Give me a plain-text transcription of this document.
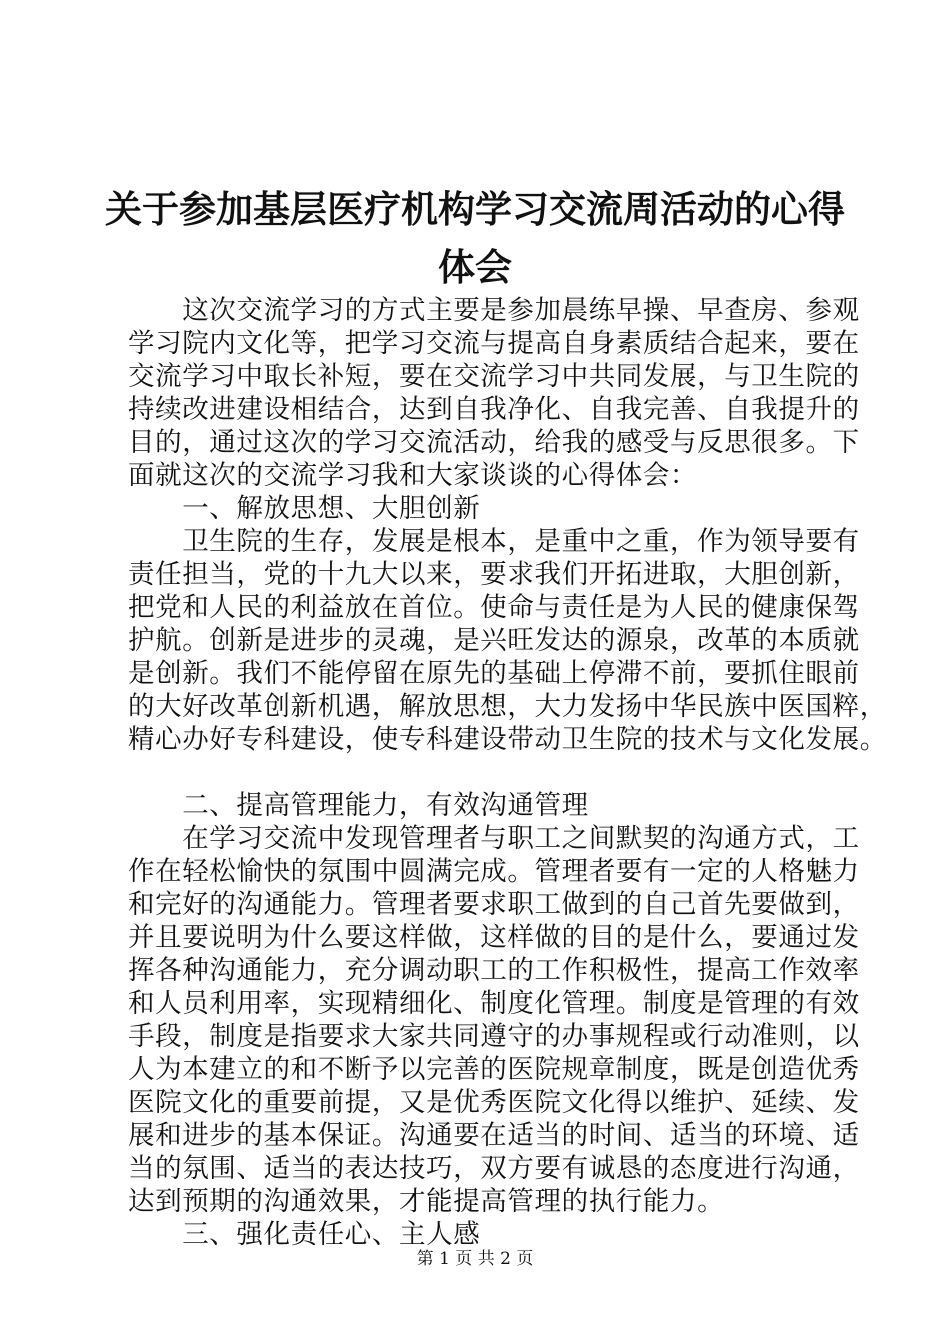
关于参加基层医疗机构学习交流周活动的心得
体会
　　这次交流学习的方式主要是参加晨练早操、早查房、参观
学习院内文化等，把学习交流与提高自身素质结合起来，要在
交流学习中取长补短，要在交流学习中共同发展，与卫生院的
持续改进建设相结合，达到自我净化、自我完善、自我提升的
目的，通过这次的学习交流活动，给我的感受与反思很多。下
面就这次的交流学习我和大家谈谈的心得体会：
　　一、解放思想、大胆创新
　　卫生院的生存，发展是根本，是重中之重，作为领导要有
责任担当，党的十九大以来，要求我们开拓进取，大胆创新，
把党和人民的利益放在首位。使命与责任是为人民的健康保驾
护航。创新是进步的灵魂，是兴旺发达的源泉，改革的本质就
是创新。我们不能停留在原先的基础上停滞不前，要抓住眼前
的大好改革创新机遇，解放思想，大力发扬中华民族中医国粹，
精心办好专科建设，使专科建设带动卫生院的技术与文化发展。
　　二、提高管理能力，有效沟通管理
　　在学习交流中发现管理者与职工之间默契的沟通方式，工
作在轻松愉快的氛围中圆满完成。管理者要有一定的人格魅力
和完好的沟通能力。管理者要求职工做到的自己首先要做到，
并且要说明为什么要这样做，这样做的目的是什么，要通过发
挥各种沟通能力，充分调动职工的工作积极性，提高工作效率
和人员利用率，实现精细化、制度化管理。制度是管理的有效
手段，制度是指要求大家共同遵守的办事规程或行动准则，以
人为本建立的和不断予以完善的医院规章制度，既是创造优秀
医院文化的重要前提，又是优秀医院文化得以维护、延续、发
展和进步的基本保证。沟通要在适当的时间、适当的环境、适
当的氛围、适当的表达技巧，双方要有诚恳的态度进行沟通，
达到预期的沟通效果，才能提高管理的执行能力。
　　三、强化责任心、主人感
第 1 页 共 2 页
